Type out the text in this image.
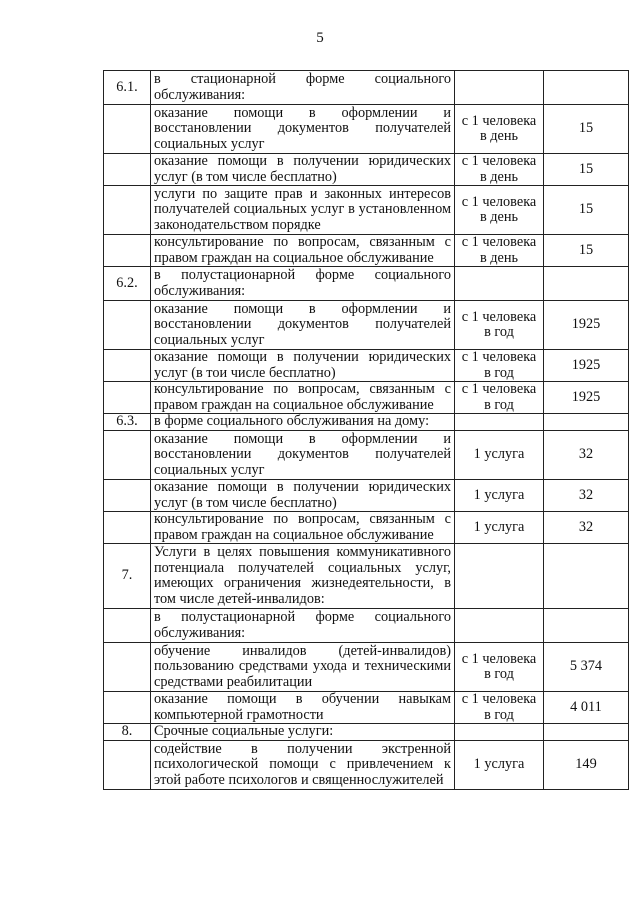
5
6.1.	в стационарной форме социального обслуживания:		
	оказание помощи в оформлении и восстановлении документов получателей социальных услуг	с 1 человека в день	15
	оказание помощи в получении юридических услуг (в том числе бесплатно)	с 1 человека в день	15
	услуги по защите прав и законных интересов получателей социальных услуг в установленном законодательством порядке	с 1 человека в день	15
	консультирование по вопросам, связанным с правом граждан на социальное обслуживание	с 1 человека в день	15
6.2.	в полустационарной форме социального обслуживания:		
	оказание помощи в оформлении и восстановлении документов получателей социальных услуг	с 1 человека в год	1925
	оказание помощи в получении юридических услуг (в тои числе бесплатно)	с 1 человека в год	1925
	консультирование по вопросам, связанным с правом граждан на социальное обслуживание	с 1 человека в год	1925
6.3.	в форме социального обслуживания на дому:		
	оказание помощи в оформлении и восстановлении документов получателей социальных услуг	1 услуга	32
	оказание помощи в получении юридических услуг (в том числе бесплатно)	1 услуга	32
	консультирование по вопросам, связанным с правом граждан на социальное обслуживание	1 услуга	32
7.	Услуги в целях повышения коммуникативного потенциала получателей социальных услуг, имеющих ограничения жизнедеятельности, в том числе детей-инвалидов:		
	в полустационарной форме социального обслуживания:		
	обучение инвалидов (детей-инвалидов) пользованию средствами ухода и техническими средствами реабилитации	с 1 человека в год	5 374
	оказание помощи в обучении навыкам компьютерной грамотности	с 1 человека в год	4 011
8.	Срочные социальные услуги:		
	содействие в получении экстренной психологической помощи с привлечением к этой работе психологов и священнослужителей	1 услуга	149
